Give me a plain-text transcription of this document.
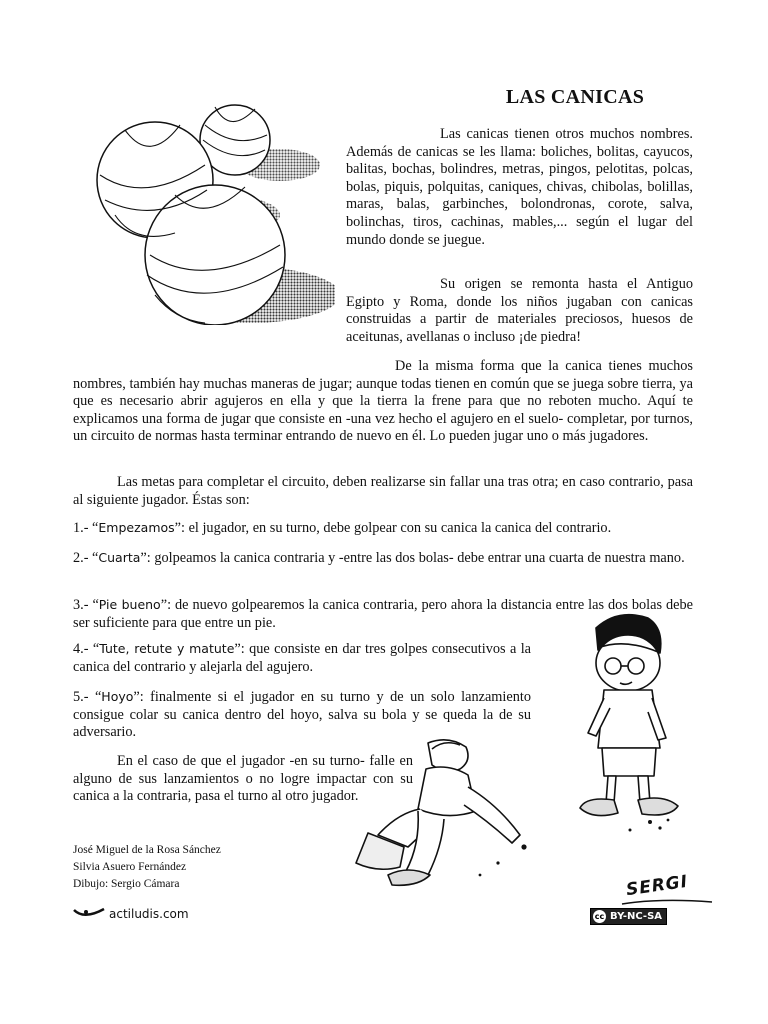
LAS CANICAS

Las canicas tienen otros muchos nombres. Además de canicas se les llama: boliches, bolitas, cayucos, balitas, bochas, bolindres, metras, pingos, pelotitas, polcas, bolas, piquis, polquitas, caniques, chivas, chibolas, bolillas, maras, balas, garbinches, bolondronas, corote, salva, bolinchas, tiros, cachinas, mables,... según el lugar del mundo donde se juegue.

Su origen se remonta hasta el Antiguo Egipto y Roma, donde los niños jugaban con canicas construidas a partir de materiales preciosos, huesos de aceitunas, avellanas o incluso ¡de piedra!

De la misma forma que la canica tienes muchos nombres, también hay muchas maneras de jugar; aunque todas tienen en común que se juega sobre tierra, ya que es necesario abrir agujeros en ella y que la tierra la frene para que no reboten mucho. Aquí te explicamos una forma de jugar que consiste en -una vez hecho el agujero en el suelo- completar, por turnos, un circuito de normas hasta terminar entrando de nuevo en él. Lo pueden jugar uno o más jugadores.

Las metas para completar el circuito, deben realizarse sin fallar una tras otra; en caso contrario, pasa al siguiente jugador. Éstas son:

1.- “Empezamos”: el jugador, en su turno, debe golpear con su canica la canica del contrario.

2.- “Cuarta”: golpeamos la canica contraria y -entre las dos bolas- debe entrar una cuarta de nuestra mano.

3.- “Pie bueno”: de nuevo golpearemos la canica contraria, pero ahora la distancia entre las dos bolas debe ser suficiente para que entre un pie.

4.- “Tute, retute y matute”: que consiste en dar tres golpes consecutivos a la canica del contrario y alejarla del agujero.

5.- “Hoyo”: finalmente si el jugador en su turno y de un solo lanzamiento consigue colar su canica dentro del hoyo, salva su bola y se queda la de su adversario.

En el caso de que el jugador -en su turno- falle en alguno de sus lanzamientos o no logre impactar con su canica a la contraria, pasa el turno al otro jugador.

SERGI
José Miguel de la Rosa Sánchez
Silvia Asuero Fernández
Dibujo: Sergio Cámara
actiludis.com	cc BY-NC-SA
